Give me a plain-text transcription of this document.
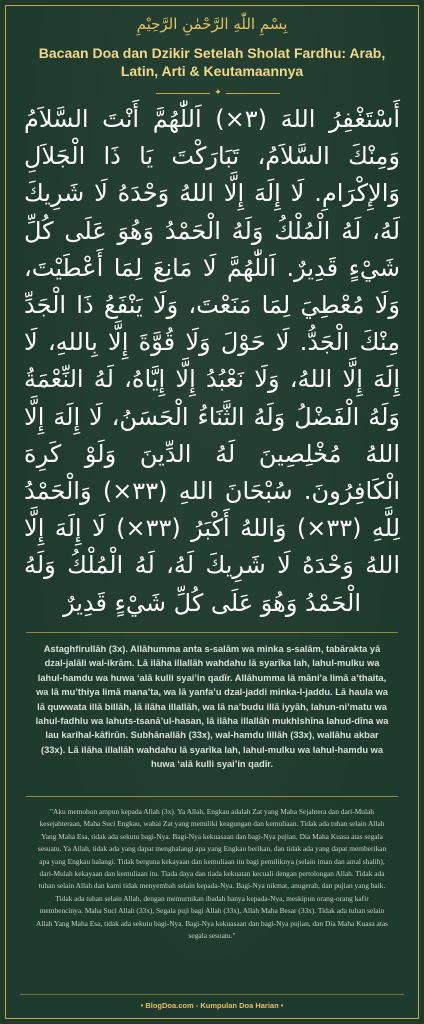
بِسْمِ اللّٰهِ الرَّحْمٰنِ الرَّحِيْمِ
Bacaan Doa dan Dzikir Setelah Sholat Fardhu: Arab, Latin, Arti & Keutamaannya
✦
أَسْتَغْفِرُ اللهَ (٣×) اَللّٰهُمَّ أَنْتَ السَّلاَمُ وَمِنْكَ السَّلاَمُ، تَبَارَكْتَ يَا ذَا الْجَلاَلِ وَالإِكْرَامِ. لَا إِلَهَ إِلَّا اللهُ وَحْدَهُ لَا شَرِيكَ لَهُ، لَهُ الْمُلْكُ وَلَهُ الْحَمْدُ وَهُوَ عَلَى كُلِّ شَيْءٍ قَدِيرٌ. اَللّٰهُمَّ لَا مَانِعَ لِمَا أَعْطَيْتَ، وَلَا مُعْطِيَ لِمَا مَنَعْتَ، وَلَا يَنْفَعُ ذَا الْجَدِّ مِنْكَ الْجَدُّ. لَا حَوْلَ وَلَا قُوَّةَ إِلَّا بِاللهِ، لَا إِلَهَ إِلَّا اللهُ، وَلَا نَعْبُدُ إِلَّا إِيَّاهُ، لَهُ النِّعْمَةُ وَلَهُ الْفَضْلُ وَلَهُ الثَّنَاءُ الْحَسَنُ، لَا إِلَهَ إِلَّا اللهُ مُخْلِصِينَ لَهُ الدِّينَ وَلَوْ كَرِهَ الْكَافِرُونَ. سُبْحَانَ اللهِ (٣٣×) وَالْحَمْدُ لِلَّهِ (٣٣×) وَاللهُ أَكْبَرُ (٣٣×) لَا إِلَهَ إِلَّا اللهُ وَحْدَهُ لَا شَرِيكَ لَهُ، لَهُ الْمُلْكُ وَلَهُ الْحَمْدُ وَهُوَ عَلَى كُلِّ شَيْءٍ قَدِيرٌ
Astaghfirullāh (3x). Allāhumma anta s-salām wa minka s-salām, tabārakta yā dzal-jalāli wal-ikrām. Lā ilāha illallāh wahdahu lā syarīka lah, lahul-mulku wa lahul-hamdu wa huwa ‘alā kulli syai’in qadīr. Allāhumma lā māni’a limā a’thaita, wa lā mu’thiya limā mana’ta, wa lā yanfa’u dzal-jaddi minka-l-jaddu. Lā haula wa lā quwwata illā billāh, lā ilāha illallāh, wa lā na’budu illā iyyāh, lahun-ni’matu wa lahul-fadhlu wa lahuts-tsanā’ul-hasan, lā ilāha illallāh mukhlshīna lahud-dīna wa lau karihal-kāfirūn. Subhānallāh (33x), wal-hamdu lillāh (33x), wallāhu akbar (33x). Lā ilāha illallāh wahdahu lā syarīka lah, lahul-mulku wa lahul-hamdu wa huwa ‘alā kulli syai’in qadīr.
"Aku memohon ampun kepada Allah (3x). Ya Allah, Engkau adalah Zat yang Maha Sejahtera dan dari-Mulah kesejahteraan, Maha Suci Engkau, wahai Zat yang memiliki keagungan dan kemuliaan. Tidak ada tuhan selain Allah Yang Maha Esa, tidak ada sekutu bagi-Nya. Bagi-Nya kekuasaan dan bagi-Nya pujian. Dia Maha Kuasa atas segala sesuatu. Ya Allah, tidak ada yang dapat menghalangi apa yang Engkau berikan, dan tidak ada yang dapat memberikan apa yang Engkau halangi. Tidak berguna kekayaan dan kemuliaan itu bagi pemiliknya (selain iman dan amal shalih), dari-Mulah kekayaan dan kemuliaan itu. Tiada daya dan tiada kekuatan kecuali dengan pertolongan Allah. Tidak ada tuhan selain Allah dan kami tidak menyembah selain kepada-Nya. Bagi-Nya nikmat, anugerah, dan pujian yang baik. Tidak ada tuhan selain Allah, dengan memurnikan ibadah hanya kepada-Nya, meskipun orang-orang kafir membencinya. Maha Suci Allah (33x), Segala puji bagi Allah (33x), Allah Maha Besar (33x). Tidak ada tuhan selain Allah Yang Maha Esa, tidak ada sekutu bagi-Nya. Bagi-Nya kekuasaan dan bagi-Nya pujian, dan Dia Maha Kuasa atas segala sesuatu."
• BlogDoa.com - Kumpulan Doa Harian •
